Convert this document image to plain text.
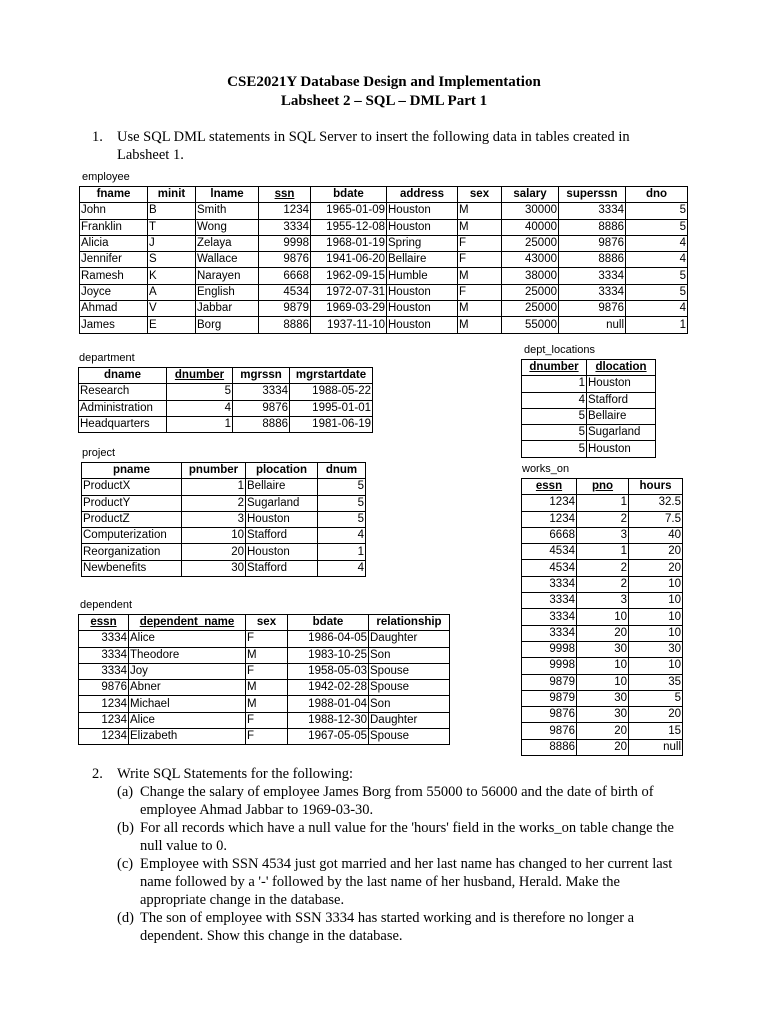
CSE2021Y Database Design and Implementation
Labsheet 2 – SQL – DML Part 1
1. Use SQL DML statements in SQL Server to insert the following data in tables created in
Labsheet 1.
employee
fname	minit	lname	ssn	bdate	address	sex	salary	superssn	dno
John	B	Smith	1234	1965-01-09	Houston	M	30000	3334	5
Franklin	T	Wong	3334	1955-12-08	Houston	M	40000	8886	5
Alicia	J	Zelaya	9998	1968-01-19	Spring	F	25000	9876	4
Jennifer	S	Wallace	9876	1941-06-20	Bellaire	F	43000	8886	4
Ramesh	K	Narayen	6668	1962-09-15	Humble	M	38000	3334	5
Joyce	A	English	4534	1972-07-31	Houston	F	25000	3334	5
Ahmad	V	Jabbar	9879	1969-03-29	Houston	M	25000	9876	4
James	E	Borg	8886	1937-11-10	Houston	M	55000	null	1
department
dname	dnumber	mgrssn	mgrstartdate
Research	5	3334	1988-05-22
Administration	4	9876	1995-01-01
Headquarters	1	8886	1981-06-19
dept_locations
dnumber	dlocation
1	Houston
4	Stafford
5	Bellaire
5	Sugarland
5	Houston
project
pname	pnumber	plocation	dnum
ProductX	1	Bellaire	5
ProductY	2	Sugarland	5
ProductZ	3	Houston	5
Computerization	10	Stafford	4
Reorganization	20	Houston	1
Newbenefits	30	Stafford	4
works_on
essn	pno	hours
1234	1	32.5
1234	2	7.5
6668	3	40
4534	1	20
4534	2	20
3334	2	10
3334	3	10
3334	10	10
3334	20	10
9998	30	30
9998	10	10
9879	10	35
9879	30	5
9876	30	20
9876	20	15
8886	20	null
dependent
essn	dependent_name	sex	bdate	relationship
3334	Alice	F	1986-04-05	Daughter
3334	Theodore	M	1983-10-25	Son
3334	Joy	F	1958-05-03	Spouse
9876	Abner	M	1942-02-28	Spouse
1234	Michael	M	1988-01-04	Son
1234	Alice	F	1988-12-30	Daughter
1234	Elizabeth	F	1967-05-05	Spouse
2. Write SQL Statements for the following:
(a) Change the salary of employee James Borg from 55000 to 56000 and the date of birth of
employee Ahmad Jabbar to 1969-03-30.
(b) For all records which have a null value for the 'hours' field in the works_on table change the
null value to 0.
(c) Employee with SSN 4534 just got married and her last name has changed to her current last
name followed by a '-' followed by the last name of her husband, Herald. Make the
appropriate change in the database.
(d) The son of employee with SSN 3334 has started working and is therefore no longer a
dependent. Show this change in the database.
